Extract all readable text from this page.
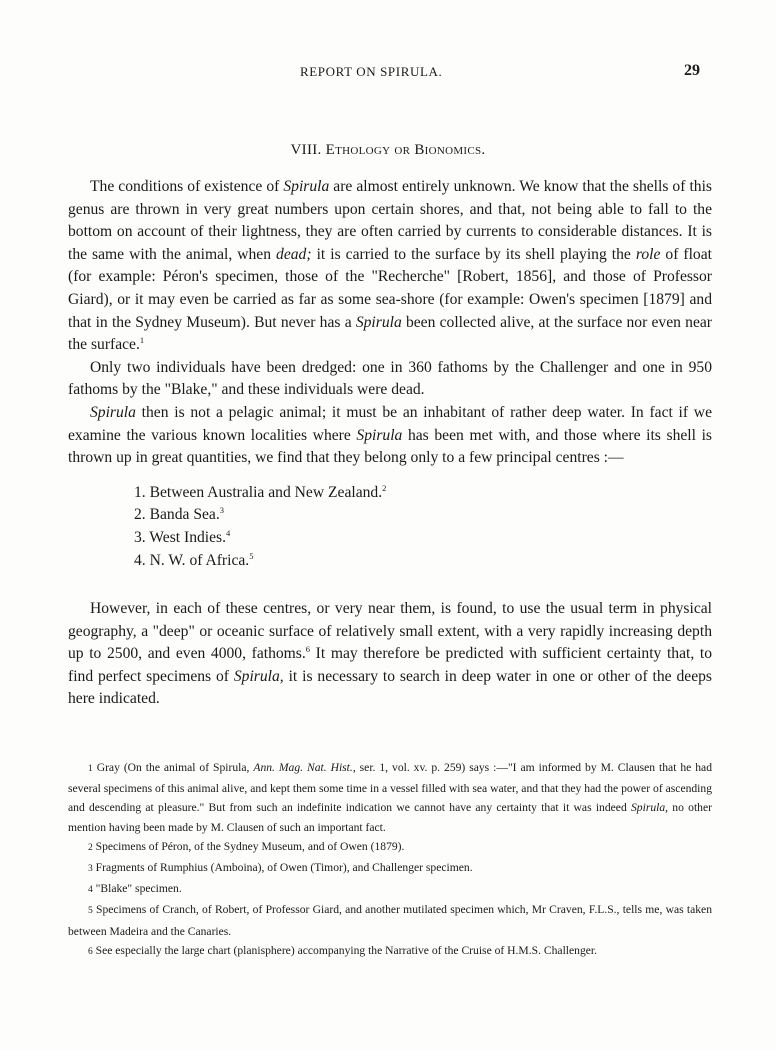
REPORT ON SPIRULA.	29
VIII. Ethology or Bionomics.

The conditions of existence of Spirula are almost entirely unknown. We know that the shells of this genus are thrown in very great numbers upon certain shores, and that, not being able to fall to the bottom on account of their lightness, they are often carried by currents to considerable distances. It is the same with the animal, when dead; it is carried to the surface by its shell playing the role of float (for example: Péron's specimen, those of the "Recherche" [Robert, 1856], and those of Professor Giard), or it may even be carried as far as some sea-shore (for example: Owen's specimen [1879] and that in the Sydney Museum). But never has a Spirula been collected alive, at the surface nor even near the surface.$^1$

Only two individuals have been dredged: one in 360 fathoms by the Challenger and one in 950 fathoms by the "Blake," and these individuals were dead.

Spirula then is not a pelagic animal; it must be an inhabitant of rather deep water. In fact if we examine the various known localities where Spirula has been met with, and those where its shell is thrown up in great quantities, we find that they belong only to a few principal centres :—

1. Between Australia and New Zealand.$^2$
2. Banda Sea.$^3$
3. West Indies.$^4$
4. N. W. of Africa.$^5$

However, in each of these centres, or very near them, is found, to use the usual term in physical geography, a "deep" or oceanic surface of relatively small extent, with a very rapidly increasing depth up to 2500, and even 4000, fathoms.$^6$ It may therefore be predicted with sufficient certainty that, to find perfect specimens of Spirula, it is necessary to search in deep water in one or other of the deeps here indicated.

1 Gray (On the animal of Spirula, Ann. Mag. Nat. Hist., ser. 1, vol. xv. p. 259) says :—"I am informed by M. Clausen that he had several specimens of this animal alive, and kept them some time in a vessel filled with sea water, and that they had the power of ascending and descending at pleasure." But from such an indefinite indication we cannot have any certainty that it was indeed Spirula, no other mention having been made by M. Clausen of such an important fact.

2 Specimens of Péron, of the Sydney Museum, and of Owen (1879).

3 Fragments of Rumphius (Amboina), of Owen (Timor), and Challenger specimen.

4 "Blake" specimen.

5 Specimens of Cranch, of Robert, of Professor Giard, and another mutilated specimen which, Mr Craven, F.L.S., tells me, was taken between Madeira and the Canaries.

6 See especially the large chart (planisphere) accompanying the Narrative of the Cruise of H.M.S. Challenger.
